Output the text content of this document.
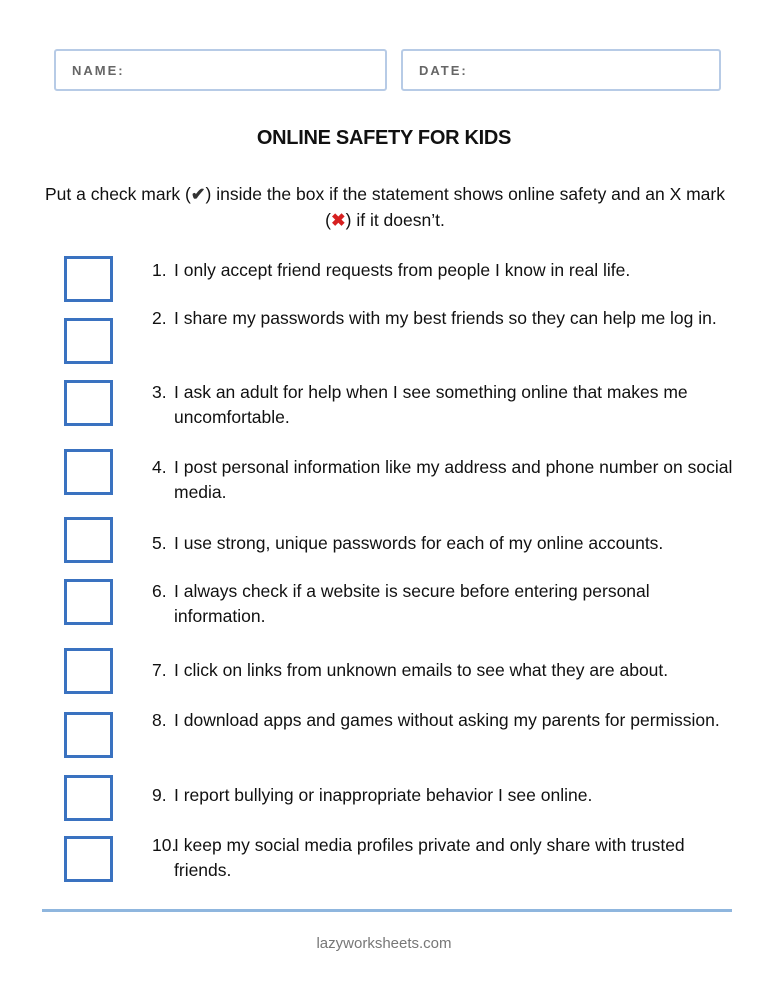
NAME:	DATE:
ONLINE SAFETY FOR KIDS
Put a check mark (✔) inside the box if the statement shows online safety and an X mark (✖) if it doesn’t.
1. I only accept friend requests from people I know in real life.
2. I share my passwords with my best friends so they can help me log in.
3. I ask an adult for help when I see something online that makes me uncomfortable.
4. I post personal information like my address and phone number on social media.
5. I use strong, unique passwords for each of my online accounts.
6. I always check if a website is secure before entering personal information.
7. I click on links from unknown emails to see what they are about.
8. I download apps and games without asking my parents for permission.
9. I report bullying or inappropriate behavior I see online.
10.I keep my social media profiles private and only share with trusted friends.
lazyworksheets.com
